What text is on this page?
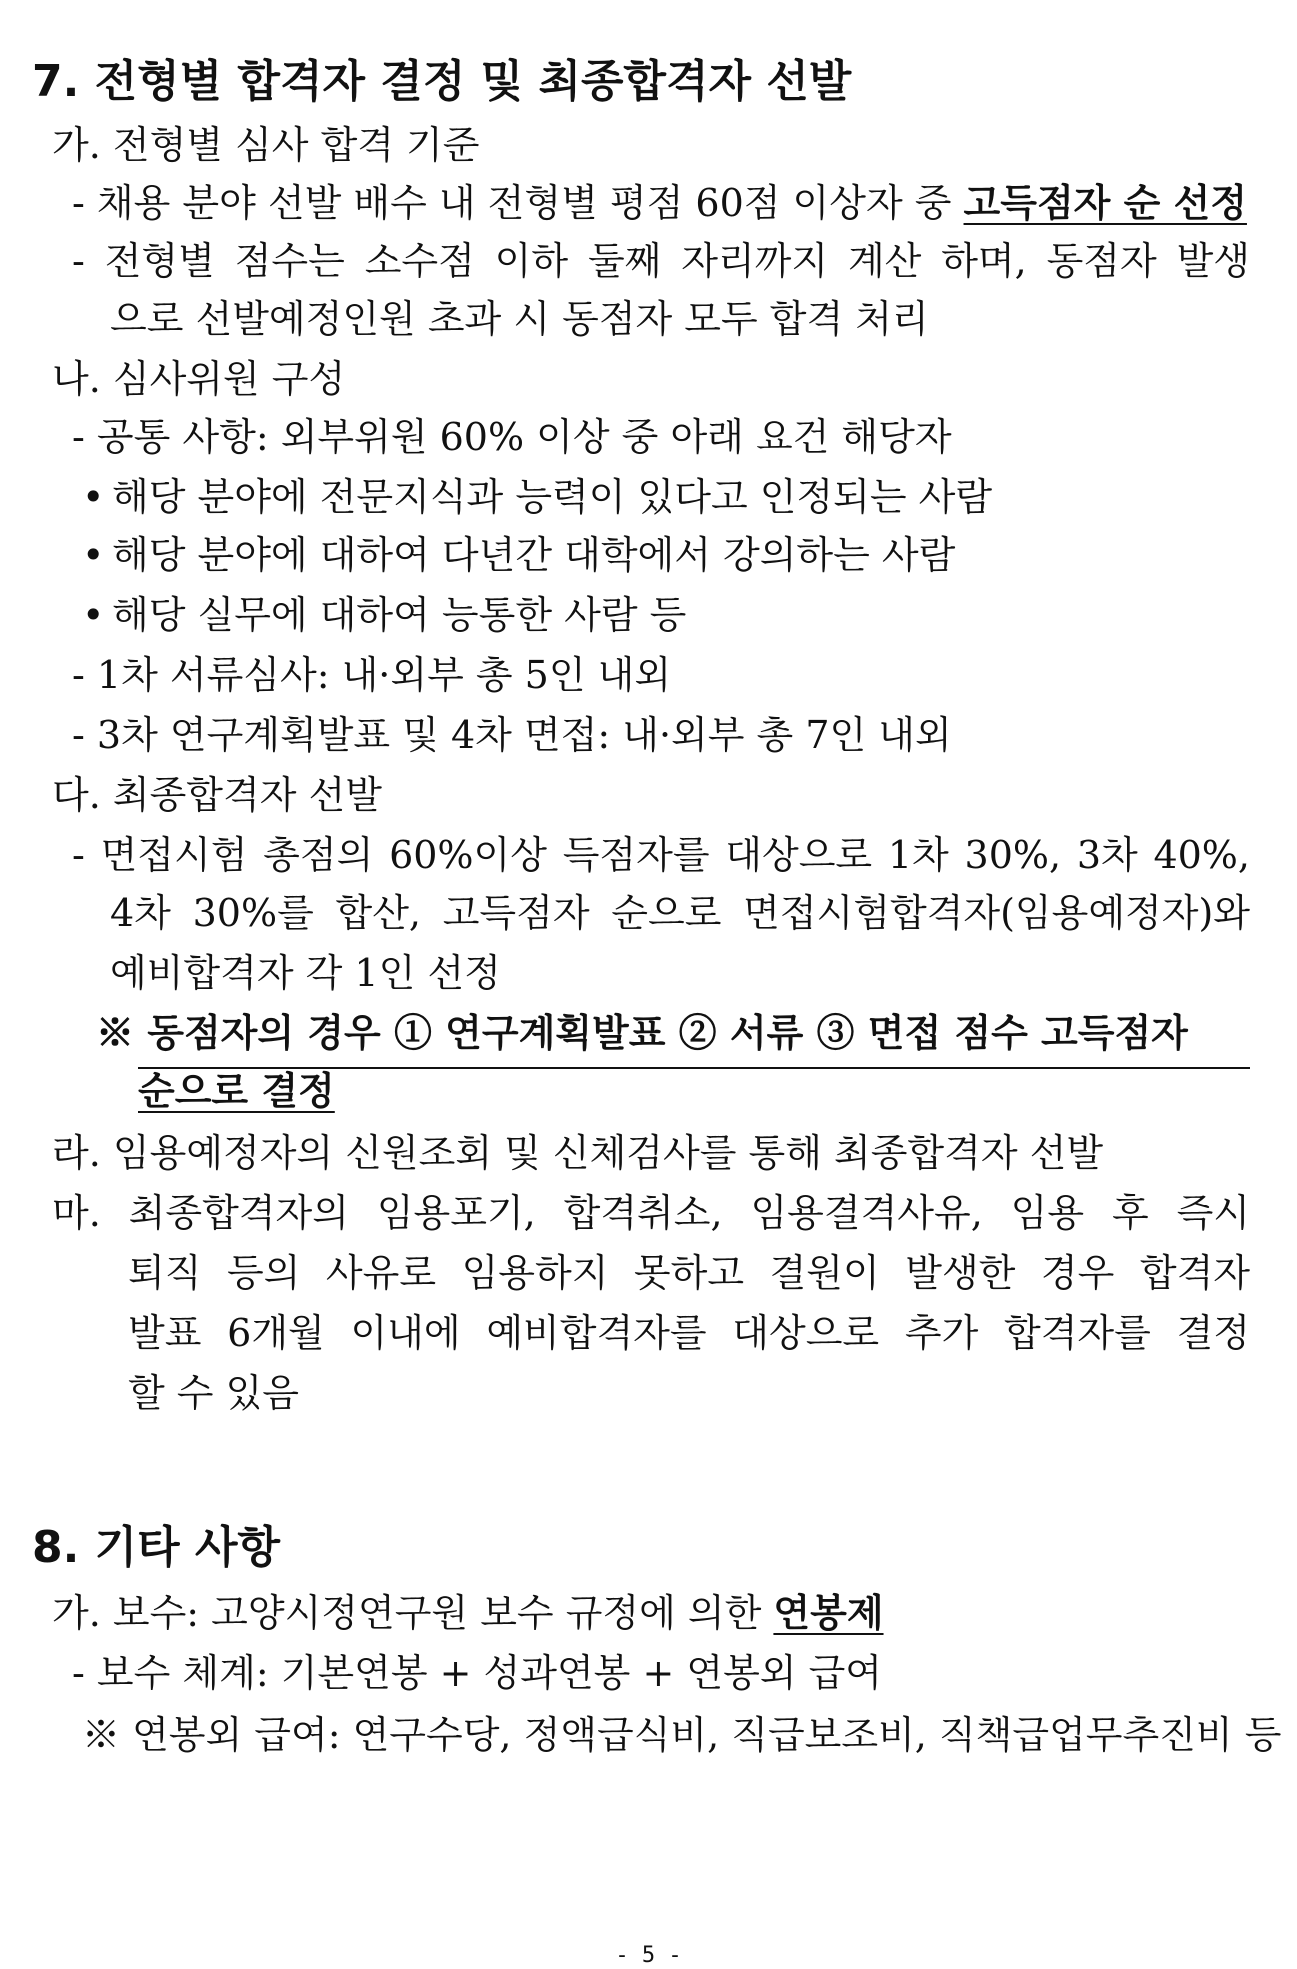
7. 전형별 합격자 결정 및 최종합격자 선발
가. 전형별 심사 합격 기준
- 채용 분야 선발 배수 내 전형별 평점 60점 이상자 중 고득점자 순 선정
- 전형별 점수는 소수점 이하 둘째 자리까지 계산 하며, 동점자 발생
으로 선발예정인원 초과 시 동점자 모두 합격 처리
나. 심사위원 구성
- 공통 사항: 외부위원 60% 이상 중 아래 요건 해당자
• 해당 분야에 전문지식과 능력이 있다고 인정되는 사람
• 해당 분야에 대하여 다년간 대학에서 강의하는 사람
• 해당 실무에 대하여 능통한 사람 등
- 1차 서류심사: 내·외부 총 5인 내외
- 3차 연구계획발표 및 4차 면접: 내·외부 총 7인 내외
다. 최종합격자 선발
- 면접시험 총점의 60%이상 득점자를 대상으로 1차 30%, 3차 40%,
4차 30%를 합산, 고득점자 순으로 면접시험합격자(임용예정자)와
예비합격자 각 1인 선정
※ 동점자의 경우 ① 연구계획발표 ② 서류 ③ 면접 점수 고득점자
순으로 결정
라. 임용예정자의 신원조회 및 신체검사를 통해 최종합격자 선발
마. 최종합격자의 임용포기, 합격취소, 임용결격사유, 임용 후 즉시
퇴직 등의 사유로 임용하지 못하고 결원이 발생한 경우 합격자
발표 6개월 이내에 예비합격자를 대상으로 추가 합격자를 결정
할 수 있음
8. 기타 사항
가. 보수: 고양시정연구원 보수 규정에 의한 연봉제
- 보수 체계: 기본연봉 + 성과연봉 + 연봉외 급여
※ 연봉외 급여: 연구수당, 정액급식비, 직급보조비, 직책급업무추진비 등
- 5 -
